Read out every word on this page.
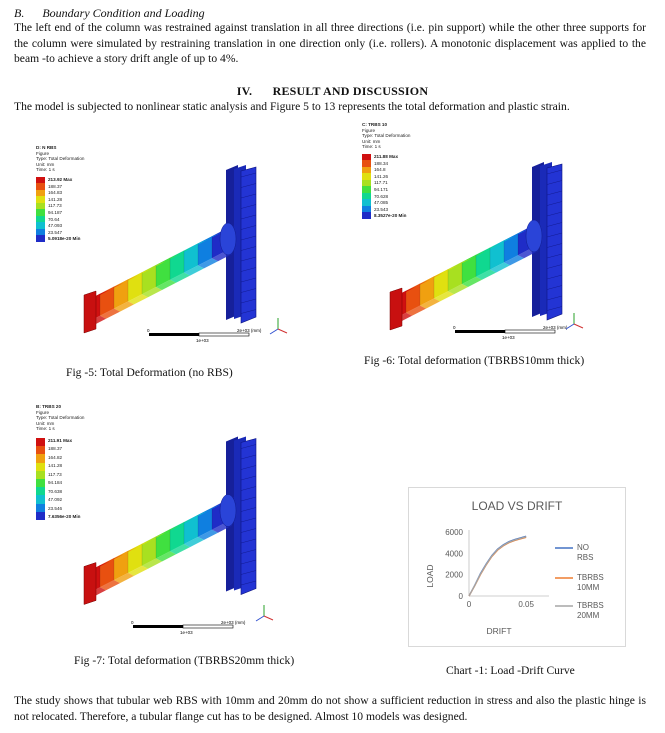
B. Boundary Condition and Loading
The left end of the column was restrained against translation in all three directions (i.e. pin support) while the other three supports for the column were simulated by restraining translation in one direction only (i.e. rollers). A monotonic displacement was applied to the beam -to achieve a story drift angle of up to 4%.
IV. RESULT AND DISCUSSION
The model is subjected to nonlinear static analysis and Figure 5 to 13 represents the total deformation and plastic strain.
D: N RBS
Figure
Type: Total Deformation
Unit: mm
Time: 1 s
213.92 Max
188.37
164.83
141.28
117.73
94.187
70.64
47.093
23.547
5.0918e-20 Min
0	2e+03 (mm)
1e+03
Fig -5: Total Deformation (no RBS)
C: TRBS 10
Figure
Type: Total Deformation
Unit: mm
Time: 1 s
211.88 Max
188.34
164.8
141.26
117.71
94.171
70.628
47.085
23.543
8.3527e-20 Min
0	2e+03 (mm)
1e+03
Fig -6: Total deformation (TBRBS10mm thick)
B: TRBS 20
Figure
Type: Total Deformation
Unit: mm
Time: 1 s
211.91 Max
188.37
164.82
141.28
117.73
94.184
70.638
47.092
23.546
7.6356e-20 Min
0	2e+03 (mm)
1e+03
Fig -7: Total deformation (TBRBS20mm thick)
LOAD VS DRIFT
LOAD
DRIFT
0
2000
4000
6000
0	0.05
NO RBS
TBRBS 10MM
TBRBS 20MM
Chart -1: Load -Drift Curve
The study shows that tubular web RBS with 10mm and 20mm do not show a sufficient reduction in stress and also the plastic hinge is not relocated. Therefore, a tubular flange cut has to be designed. Almost 10 models was designed.
